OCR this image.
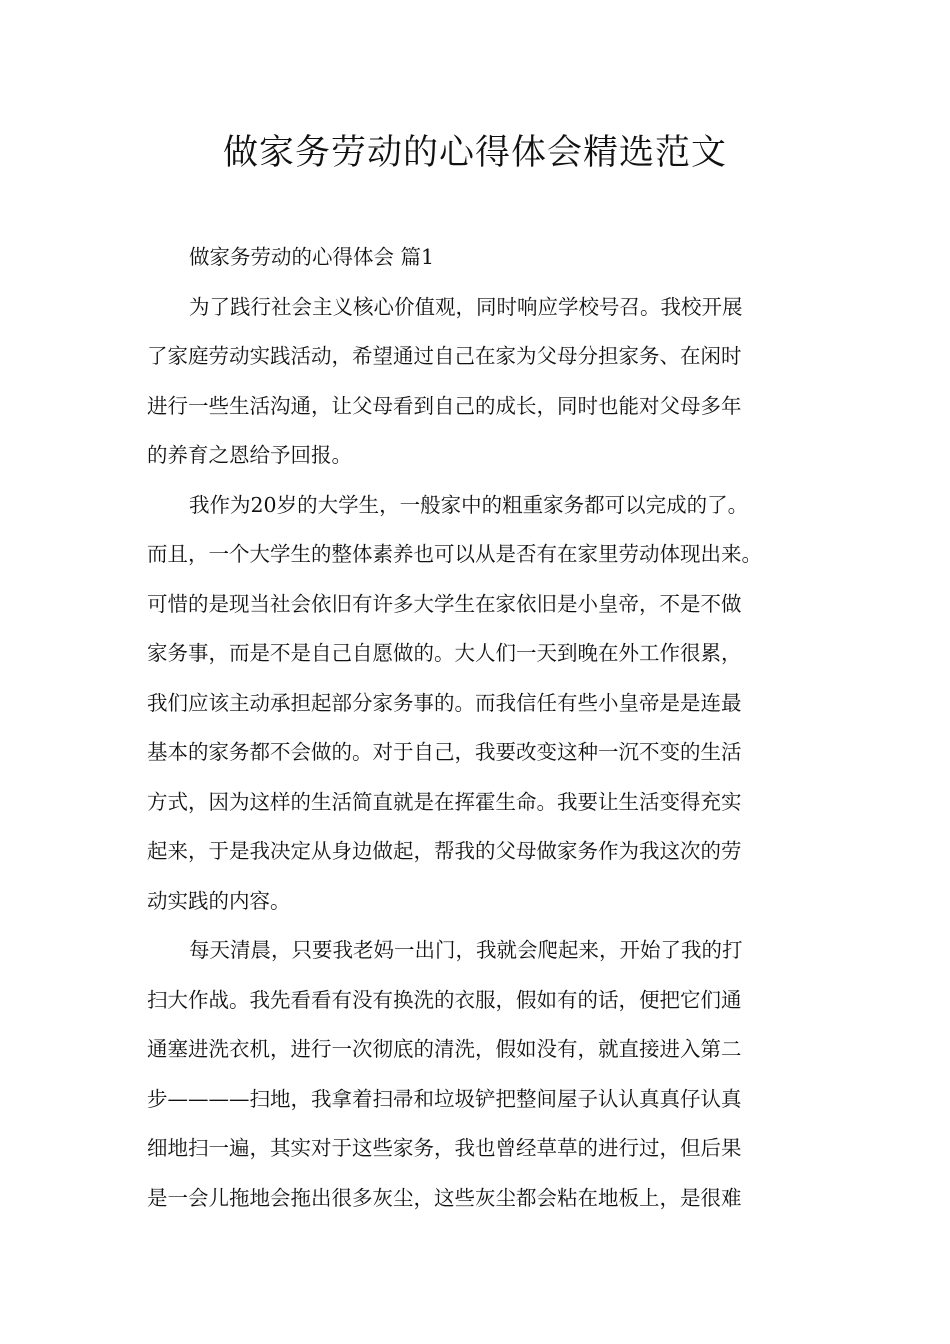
做家务劳动的心得体会精选范文

做家务劳动的心得体会 篇1

为了践行社会主义核心价值观，同时响应学校号召。我校开展
了家庭劳动实践活动，希望通过自己在家为父母分担家务、在闲时
进行一些生活沟通，让父母看到自己的成长，同时也能对父母多年
的养育之恩给予回报。

我作为20岁的大学生，一般家中的粗重家务都可以完成的了。
而且，一个大学生的整体素养也可以从是否有在家里劳动体现出来。
可惜的是现当社会依旧有许多大学生在家依旧是小皇帝，不是不做
家务事，而是不是自己自愿做的。大人们一天到晚在外工作很累，
我们应该主动承担起部分家务事的。而我信任有些小皇帝是是连最
基本的家务都不会做的。对于自己，我要改变这种一沉不变的生活
方式，因为这样的生活简直就是在挥霍生命。我要让生活变得充实
起来，于是我决定从身边做起，帮我的父母做家务作为我这次的劳
动实践的内容。

每天清晨，只要我老妈一出门，我就会爬起来，开始了我的打
扫大作战。我先看看有没有换洗的衣服，假如有的话，便把它们通
通塞进洗衣机，进行一次彻底的清洗，假如没有，就直接进入第二
步————扫地，我拿着扫帚和垃圾铲把整间屋子认认真真仔认真
细地扫一遍，其实对于这些家务，我也曾经草草的进行过，但后果
是一会儿拖地会拖出很多灰尘，这些灰尘都会粘在地板上，是很难
